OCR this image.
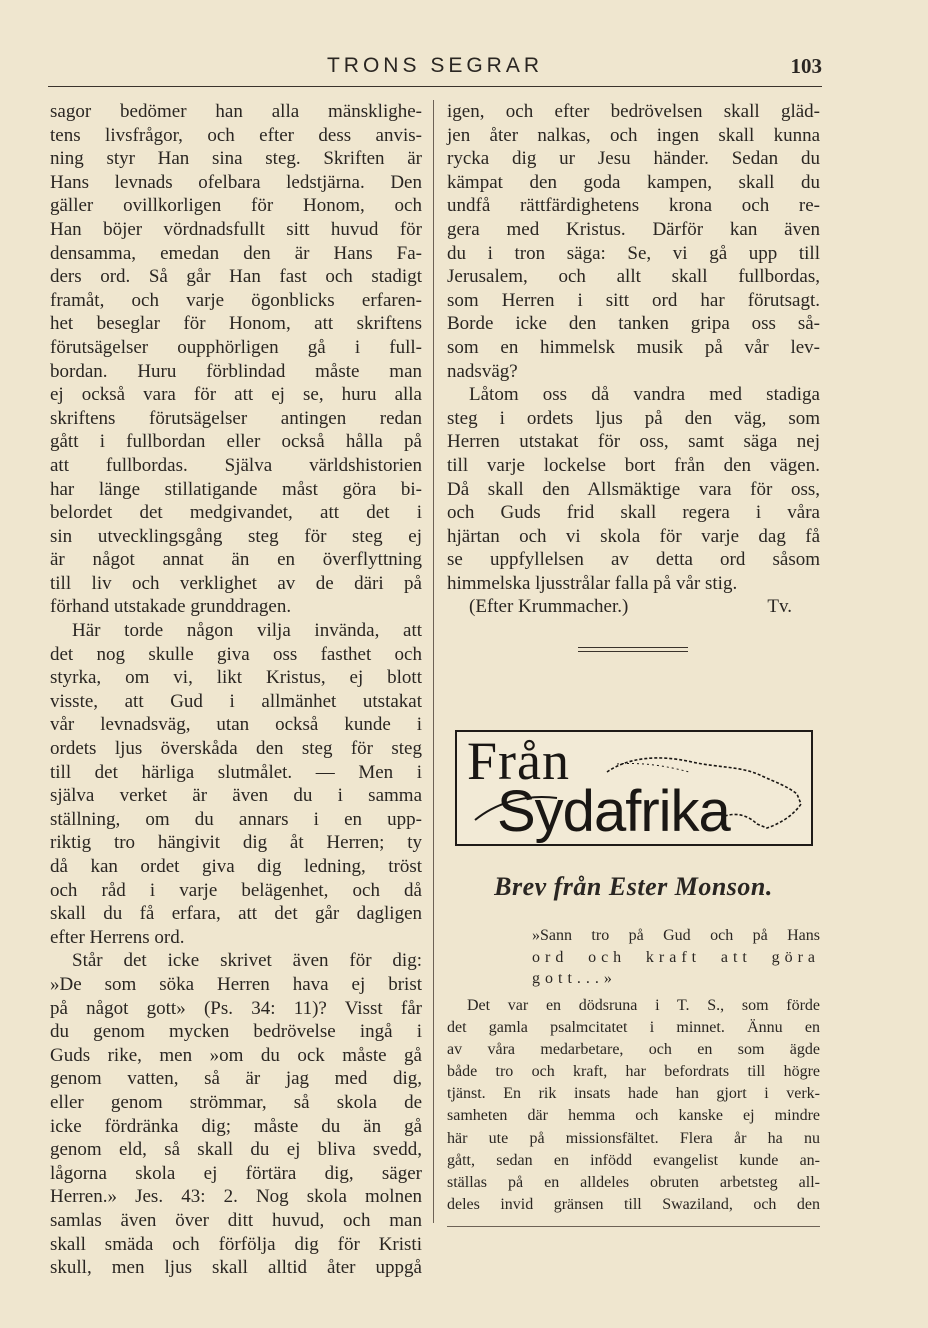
TRONS SEGRAR	103

sagor bedömer han alla mänsklighe-

tens livsfrågor, och efter dess anvis-

ning styr Han sina steg. Skriften är

Hans levnads ofelbara ledstjärna. Den

gäller ovillkorligen för Honom, och

Han böjer vördnadsfullt sitt huvud för

densamma, emedan den är Hans Fa-

ders ord. Så går Han fast och stadigt

framåt, och varje ögonblicks erfaren-

het beseglar för Honom, att skriftens

förutsägelser oupphörligen gå i full-

bordan. Huru förblindad måste man

ej också vara för att ej se, huru alla

skriftens förutsägelser antingen redan

gått i fullbordan eller också hålla på

att fullbordas. Själva världshistorien

har länge stillatigande måst göra bi-

belordet det medgivandet, att det i

sin utvecklingsgång steg för steg ej

är något annat än en överflyttning

till liv och verklighet av de däri på

förhand utstakade grunddragen.

Här torde någon vilja invända, att

det nog skulle giva oss fasthet och

styrka, om vi, likt Kristus, ej blott

visste, att Gud i allmänhet utstakat

vår levnadsväg, utan också kunde i

ordets ljus överskåda den steg för steg

till det härliga slutmålet. — Men i

själva verket är även du i samma

ställning, om du annars i en upp-

riktig tro hängivit dig åt Herren; ty

då kan ordet giva dig ledning, tröst

och råd i varje belägenhet, och då

skall du få erfara, att det går dagligen

efter Herrens ord.

Står det icke skrivet även för dig:

»De som söka Herren hava ej brist

på något gott» (Ps. 34: 11)? Visst får

du genom mycken bedrövelse ingå i

Guds rike, men »om du ock måste gå

genom vatten, så är jag med dig,

eller genom strömmar, så skola de

icke fördränka dig; måste du än gå

genom eld, så skall du ej bliva svedd,

lågorna skola ej förtära dig, säger

Herren.» Jes. 43: 2. Nog skola molnen

samlas även över ditt huvud, och man

skall smäda och förfölja dig för Kristi

skull, men ljus skall alltid åter uppgå

igen, och efter bedrövelsen skall gläd-

jen åter nalkas, och ingen skall kunna

rycka dig ur Jesu händer. Sedan du

kämpat den goda kampen, skall du

undfå rättfärdighetens krona och re-

gera med Kristus. Därför kan även

du i tron säga: Se, vi gå upp till

Jerusalem, och allt skall fullbordas,

som Herren i sitt ord har förutsagt.

Borde icke den tanken gripa oss så-

som en himmelsk musik på vår lev-

nadsväg?

Låtom oss då vandra med stadiga

steg i ordets ljus på den väg, som

Herren utstakat för oss, samt säga nej

till varje lockelse bort från den vägen.

Då skall den Allsmäktige vara för oss,

och Guds frid skall regera i våra

hjärtan och vi skola för varje dag få

se uppfyllelsen av detta ord såsom

himmelska ljusstrålar falla på vår stig.

(Efter Krummacher.)	Tv.
Från
Sydafrika
Brev från Ester Monson.

»Sann tro på Gud och på Hans

ord och kraft att göra

gott...»

Det var en dödsruna i T. S., som förde

det gamla psalmcitatet i minnet. Ännu en

av våra medarbetare, och en som ägde

både tro och kraft, har befordrats till högre

tjänst. En rik insats hade han gjort i verk-

samheten där hemma och kanske ej mindre

här ute på missionsfältet. Flera år ha nu

gått, sedan en infödd evangelist kunde an-

ställas på en alldeles obruten arbetsteg all-

deles invid gränsen till Swaziland, och den
